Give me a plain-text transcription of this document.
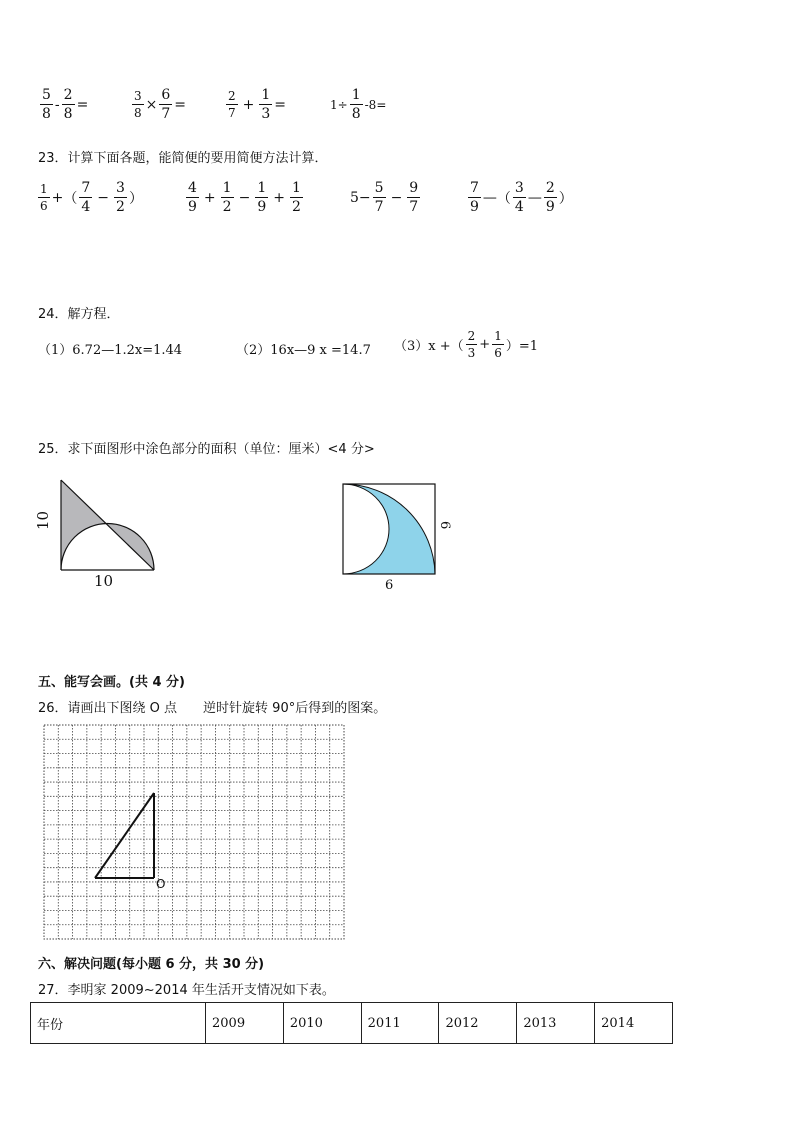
$\frac{5}{8} - \frac{2}{8}$ =	$\frac{3}{8} \times \frac{6}{7}$ =	$\frac{2}{7} + \frac{1}{3}$ =	$1\div \frac{1}{8} -8=$
23．计算下面各题，能简便的要用简便方法计算．
$\frac{1}{6}$ + （ $\frac{7}{4} - \frac{3}{2}$ ）	$\frac{4}{9} + \frac{1}{2} - \frac{1}{9} + \frac{1}{2}$	$5- \frac{5}{7} - \frac{9}{7}$	$\frac{7}{9}$ — （ $\frac{3}{4}$ — $\frac{2}{9}$ ）
24．解方程．
（1）6.72—1.2x=1.44	（2）16x—9 x =14.7 （3）x +（ $\frac{2}{3} + \frac{1}{6} )=1$
25．求下面图形中涂色部分的面积（单位：厘米）<4 分>
10
10
6
6
五、能写会画。(共 4 分)
26．请画出下图绕 O 点　　逆时针旋转 90°后得到的图案。
O
六、解决问题(每小题 6 分，共 30 分)
27．李明家 2009~2014 年生活开支情况如下表。
年份	2009	2010	2011	2012	2013	2014
